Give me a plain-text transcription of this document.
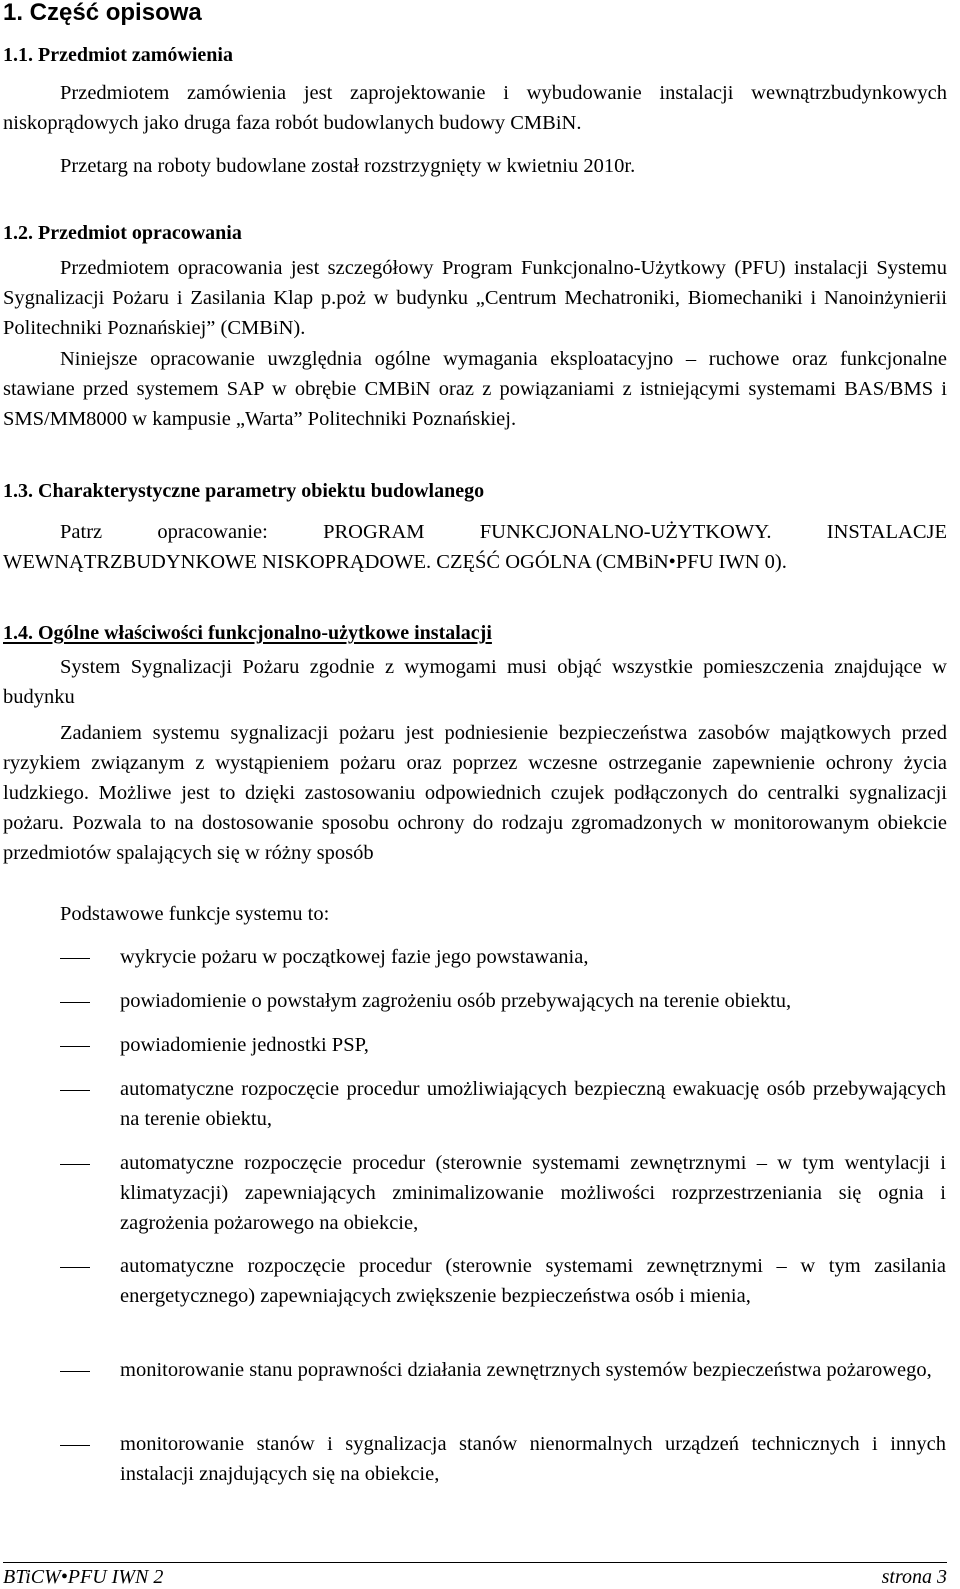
1. Część opisowa
1.1. Przedmiot zamówienia
Przedmiotem zamówienia jest zaprojektowanie i wybudowanie instalacji wewnątrzbudynkowych niskoprądowych jako druga faza robót budowlanych budowy CMBiN.
Przetarg na roboty budowlane został rozstrzygnięty w kwietniu 2010r.
1.2. Przedmiot opracowania
Przedmiotem opracowania jest szczegółowy Program Funkcjonalno-Użytkowy (PFU) instalacji Systemu Sygnalizacji Pożaru i Zasilania Klap p.poż w budynku „Centrum Mechatroniki, Biomechaniki i Nanoinżynierii Politechniki Poznańskiej” (CMBiN).
Niniejsze opracowanie uwzględnia ogólne wymagania eksploatacyjno – ruchowe oraz funkcjonalne stawiane przed systemem SAP w obrębie CMBiN oraz z powiązaniami z istniejącymi systemami BAS/BMS i SMS/MM8000 w kampusie „Warta” Politechniki Poznańskiej.
1.3. Charakterystyczne parametry obiektu budowlanego
Patrz opracowanie: PROGRAM FUNKCJONALNO-UŻYTKOWY. INSTALACJE WEWNĄTRZBUDYNKOWE NISKOPRĄDOWE. CZĘŚĆ OGÓLNA (CMBiN•PFU IWN 0).
1.4. Ogólne właściwości funkcjonalno-użytkowe instalacji
System Sygnalizacji Pożaru zgodnie z wymogami musi objąć wszystkie pomieszczenia znajdujące w budynku
Zadaniem systemu sygnalizacji pożaru jest podniesienie bezpieczeństwa zasobów majątkowych przed ryzykiem związanym z wystąpieniem pożaru oraz poprzez wczesne ostrzeganie zapewnienie ochrony życia ludzkiego. Możliwe jest to dzięki zastosowaniu odpowiednich czujek podłączonych do centralki sygnalizacji pożaru. Pozwala to na dostosowanie sposobu ochrony do rodzaju zgromadzonych w monitorowanym obiekcie przedmiotów spalających się w różny sposób
Podstawowe funkcje systemu to:
wykrycie pożaru w początkowej fazie jego powstawania,
powiadomienie o powstałym zagrożeniu osób przebywających na terenie obiektu,
powiadomienie jednostki PSP,
automatyczne rozpoczęcie procedur umożliwiających bezpieczną ewakuację osób przebywających na terenie obiektu,
automatyczne rozpoczęcie procedur (sterownie systemami zewnętrznymi – w tym wentylacji i klimatyzacji) zapewniających zminimalizowanie możliwości rozprzestrzeniania się ognia i zagrożenia pożarowego na obiekcie,
automatyczne rozpoczęcie procedur (sterownie systemami zewnętrznymi – w tym zasilania energetycznego) zapewniających zwiększenie bezpieczeństwa osób i mienia,
monitorowanie stanu poprawności działania zewnętrznych systemów bezpieczeństwa pożarowego,
monitorowanie stanów i sygnalizacja stanów nienormalnych urządzeń technicznych i innych instalacji znajdujących się na obiekcie,
BTiCW•PFU IWN 2	strona 3
